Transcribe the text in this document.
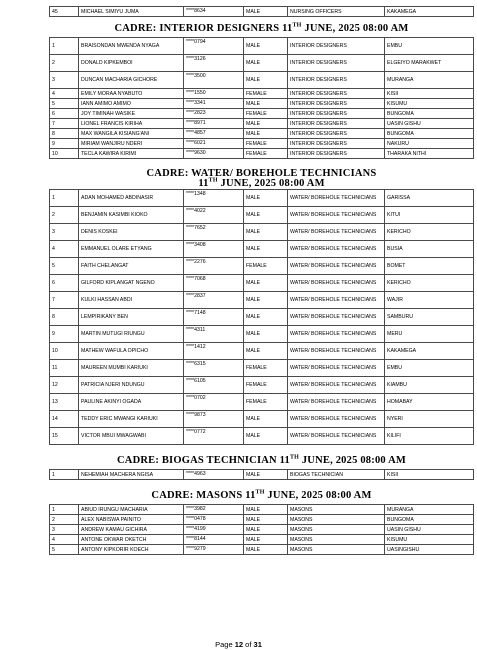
45	MICHAEL SIMIYU JUMA	****8634	MALE	NURSING OFFICERS	KAKAMEGA
CADRE: INTERIOR DESIGNERS 11TH JUNE, 2025 08:00 AM
1	BRAISONDAN MWENDA NYAGA	****0794	MALE	INTERIOR DESIGNERS	EMBU
2	DONALD KIPKEMBOI	****3126	MALE	INTERIOR DESIGNERS	ELGEIYO MARAKWET
3	DUNCAN MACHARIA GICHORE	****3500	MALE	INTERIOR DESIGNERS	MURANGA
4	EMILY MORAA NYABUTO	****1550	FEMALE	INTERIOR DESIGNERS	KISII
5	IANN AMIMO AMIMO	****3341	MALE	INTERIOR DESIGNERS	KISUMU
6	JOY TIMINAH WASIKE	****2823	FEMALE	INTERIOR DESIGNERS	BUNGOMA
7	LIONEL FRANCIS KIRIHA	****8971	MALE	INTERIOR DESIGNERS	UASIN GISHU
8	MAX WANGILA KISIANG'ANI	****4857	MALE	INTERIOR DESIGNERS	BUNGOMA
9	MIRIAM WANJIRU NDERI	****6021	FEMALE	INTERIOR DESIGNERS	NAKURU
10	TECLA KAWIRA KIRIMI	****9630	FEMALE	INTERIOR DESIGNERS	THARAKA NITHI
CADRE: WATER/ BOREHOLE TECHNICIANS
11TH JUNE, 2025 08:00 AM
1	ADAN MOHAMED ABDINASIR	****1348	MALE	WATER/ BOREHOLE TECHNICIANS	GARISSA
2	BENJAMIN KASIMBI KIOKO	****4022	MALE	WATER/ BOREHOLE TECHNICIANS	KITUI
3	DENIS KOSKEI	****7652	MALE	WATER/ BOREHOLE TECHNICIANS	KERICHO
4	EMMANUEL OLARE ETYANG	****3408	MALE	WATER/ BOREHOLE TECHNICIANS	BUSIA
5	FAITH CHELANGAT	****2276	FEMALE	WATER/ BOREHOLE TECHNICIANS	BOMET
6	GILFORD KIPLANGAT NGENO	****7068	MALE	WATER/ BOREHOLE TECHNICIANS	KERICHO
7	KULKI HASSAN ABDI	****2837	MALE	WATER/ BOREHOLE TECHNICIANS	WAJIR
8	LEMPIRIKANY BEN	****7148	MALE	WATER/ BOREHOLE TECHNICIANS	SAMBURU
9	MARTIN MUTUGI RIUNGU	****4311	MALE	WATER/ BOREHOLE TECHNICIANS	MERU
10	MATHEW WAFULA OPICHO	****1412	MALE	WATER/ BOREHOLE TECHNICIANS	KAKAMEGA
11	MAUREEN MUMBI KARIUKI	****6315	FEMALE	WATER/ BOREHOLE TECHNICIANS	EMBU
12	PATRICIA NJERI NDUNGU	****6105	FEMALE	WATER/ BOREHOLE TECHNICIANS	KIAMBU
13	PAULINE AKINYI OGADA	****0702	FEMALE	WATER/ BOREHOLE TECHNICIANS	HOMABAY
14	TEDDY ERIC MWANGI KARIUKI	****9873	MALE	WATER/ BOREHOLE TECHNICIANS	NYERI
15	VICTOR MBUI MWAGWABI	****0772	MALE	WATER/ BOREHOLE TECHNICIANS	KILIFI
CADRE: BIOGAS TECHNICIAN 11TH JUNE, 2025 08:00 AM
1	NEHEMIAH MACHERA NGISA	****4963	MALE	BIOGAS TECHNICIAN	KISII
CADRE: MASONS 11TH JUNE, 2025 08:00 AM
1	ABIUD IRUNGU MACHARIA	****3982	MALE	MASONS	MURANGA
2	ALEX NABISWA PAINITO	****0478	MALE	MASONS	BUNGOMA
3	ANDREW KAMAU GICHIRA	****4199	MALE	MASONS	UASIN GISHU
4	ANTONE OKWAR OKETCH	****8144	MALE	MASONS	KISUMU
5	ANTONY KIPKORIR KOECH	****9279	MALE	MASONS	UASINGISHU
Page 12 of 31
